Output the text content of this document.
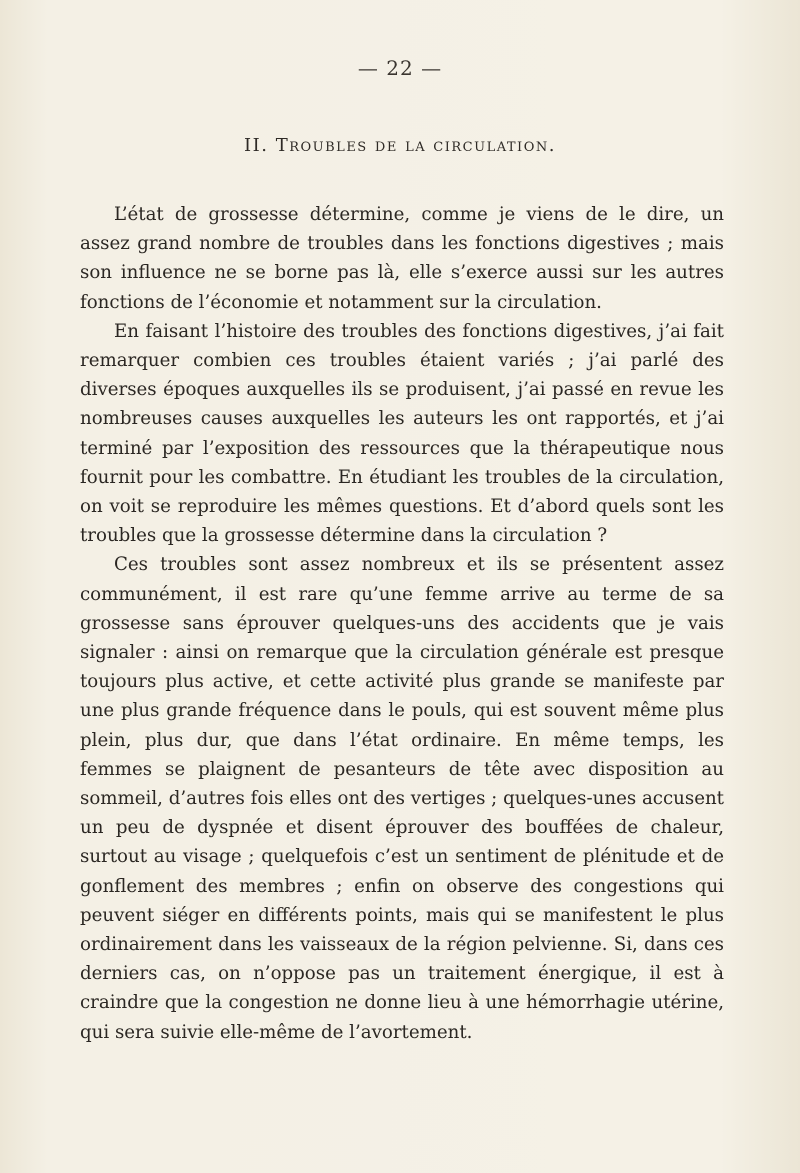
— 22 —
II. Troubles de la circulation.

L’état de grossesse détermine, comme je viens de le dire, un assez grand nombre de troubles dans les fonctions digestives ; mais son influence ne se borne pas là, elle s’exerce aussi sur les autres fonctions de l’économie et notamment sur la circulation.

En faisant l’histoire des troubles des fonctions digestives, j’ai fait remarquer combien ces troubles étaient variés ; j’ai parlé des diverses époques auxquelles ils se produisent, j’ai passé en revue les nombreuses causes auxquelles les auteurs les ont rapportés, et j’ai terminé par l’exposition des ressources que la thérapeutique nous fournit pour les combattre. En étudiant les troubles de la circulation, on voit se reproduire les mêmes questions. Et d’abord quels sont les troubles que la grossesse détermine dans la circulation ?

Ces troubles sont assez nombreux et ils se présentent assez communément, il est rare qu’une femme arrive au terme de sa grossesse sans éprouver quelques-uns des accidents que je vais signaler : ainsi on remarque que la circulation générale est presque toujours plus active, et cette activité plus grande se manifeste par une plus grande fréquence dans le pouls, qui est souvent même plus plein, plus dur, que dans l’état ordinaire. En même temps, les femmes se plaignent de pesanteurs de tête avec disposition au sommeil, d’autres fois elles ont des vertiges ; quelques-unes accusent un peu de dyspnée et disent éprouver des bouffées de chaleur, surtout au visage ; quelquefois c’est un sentiment de plénitude et de gonflement des membres ; enfin on observe des congestions qui peuvent siéger en différents points, mais qui se manifestent le plus ordinairement dans les vaisseaux de la région pelvienne. Si, dans ces derniers cas, on n’oppose pas un traitement énergique, il est à craindre que la congestion ne donne lieu à une hémorrhagie utérine, qui sera suivie elle-même de l’avortement.
